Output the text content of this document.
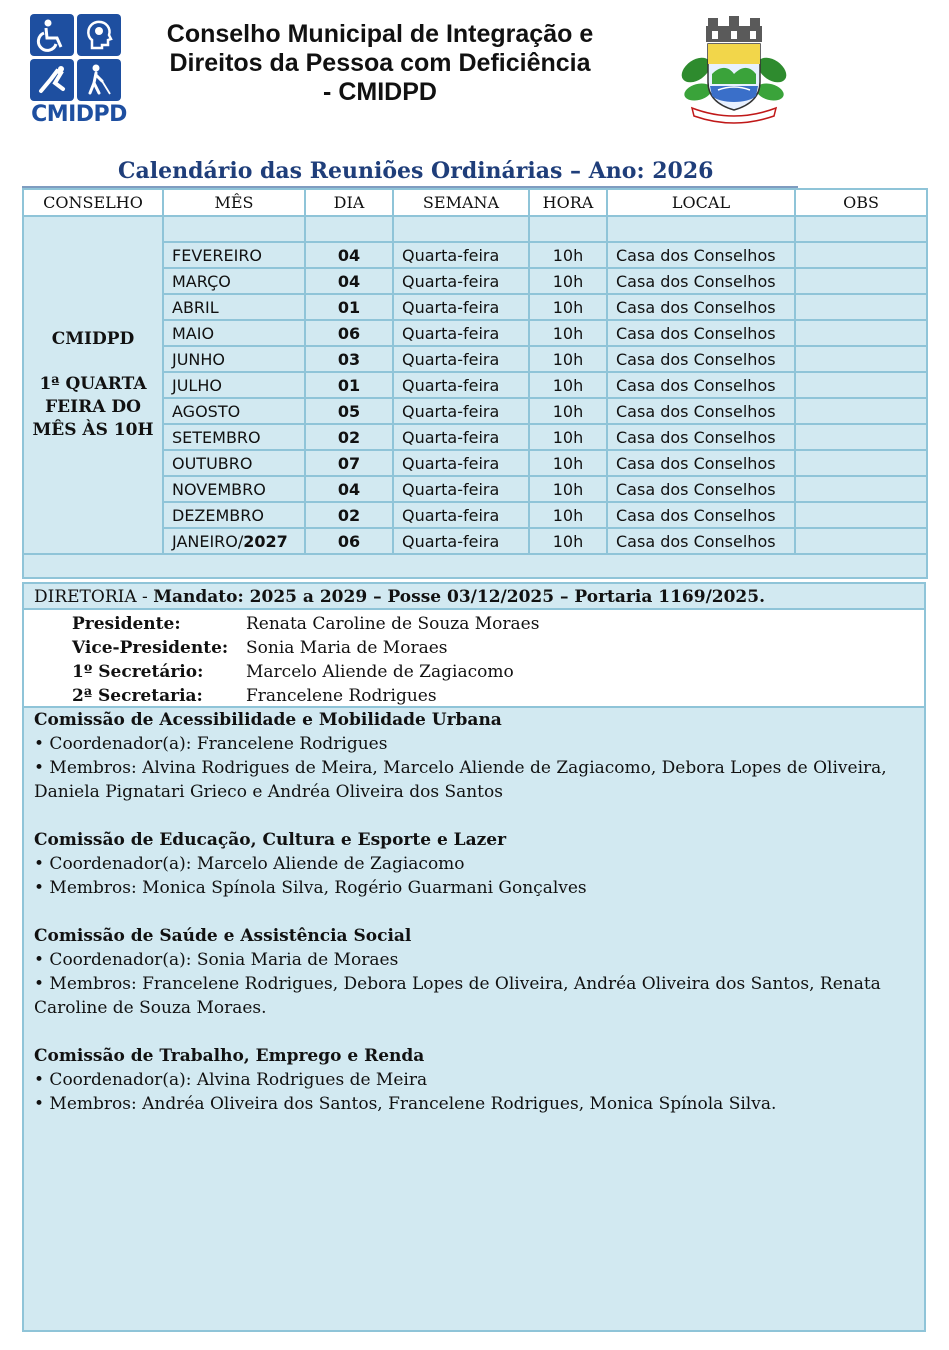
CMIDPD
Conselho Municipal de Integração e
Direitos da Pessoa com Deficiência
- CMIDPD
Calendário das Reuniões Ordinárias – Ano: 2026
CONSELHO	MÊS	DIA	SEMANA	HORA	LOCAL	OBS

CMIDPD
1ª QUARTA
FEIRA DO
MÊS ÀS 10H						

	FEVEREIRO	04	Quarta-feira	10h	Casa dos Conselhos	
	MARÇO	04	Quarta-feira	10h	Casa dos Conselhos	
	ABRIL	01	Quarta-feira	10h	Casa dos Conselhos	
	MAIO	06	Quarta-feira	10h	Casa dos Conselhos	
	JUNHO	03	Quarta-feira	10h	Casa dos Conselhos	
	JULHO	01	Quarta-feira	10h	Casa dos Conselhos	
	AGOSTO	05	Quarta-feira	10h	Casa dos Conselhos	
	SETEMBRO	02	Quarta-feira	10h	Casa dos Conselhos	
	OUTUBRO	07	Quarta-feira	10h	Casa dos Conselhos	
	NOVEMBRO	04	Quarta-feira	10h	Casa dos Conselhos	
	DEZEMBRO	02	Quarta-feira	10h	Casa dos Conselhos	
	JANEIRO/2027	06	Quarta-feira	10h	Casa dos Conselhos	

DIRETORIA - Mandato: 2025 a 2029 – Posse 03/12/2025 – Portaria 1169/2025.
Presidente:	Renata Caroline de Souza Moraes
Vice-Presidente: Sonia Maria de Moraes
1º Secretário:	Marcelo Aliende de Zagiacomo
2ª Secretaria:	Francelene Rodrigues
Comissão de Acessibilidade e Mobilidade Urbana
• Coordenador(a): Francelene Rodrigues
• Membros: Alvina Rodrigues de Meira, Marcelo Aliende de Zagiacomo, Debora Lopes de Oliveira, Daniela Pignatari Grieco e Andréa Oliveira dos Santos
Comissão de Educação, Cultura e Esporte e Lazer
• Coordenador(a): Marcelo Aliende de Zagiacomo
• Membros: Monica Spínola Silva, Rogério Guarmani Gonçalves
Comissão de Saúde e Assistência Social
• Coordenador(a): Sonia Maria de Moraes
• Membros: Francelene Rodrigues, Debora Lopes de Oliveira, Andréa Oliveira dos Santos, Renata Caroline de Souza Moraes.
Comissão de Trabalho, Emprego e Renda
• Coordenador(a): Alvina Rodrigues de Meira
• Membros: Andréa Oliveira dos Santos, Francelene Rodrigues, Monica Spínola Silva.
